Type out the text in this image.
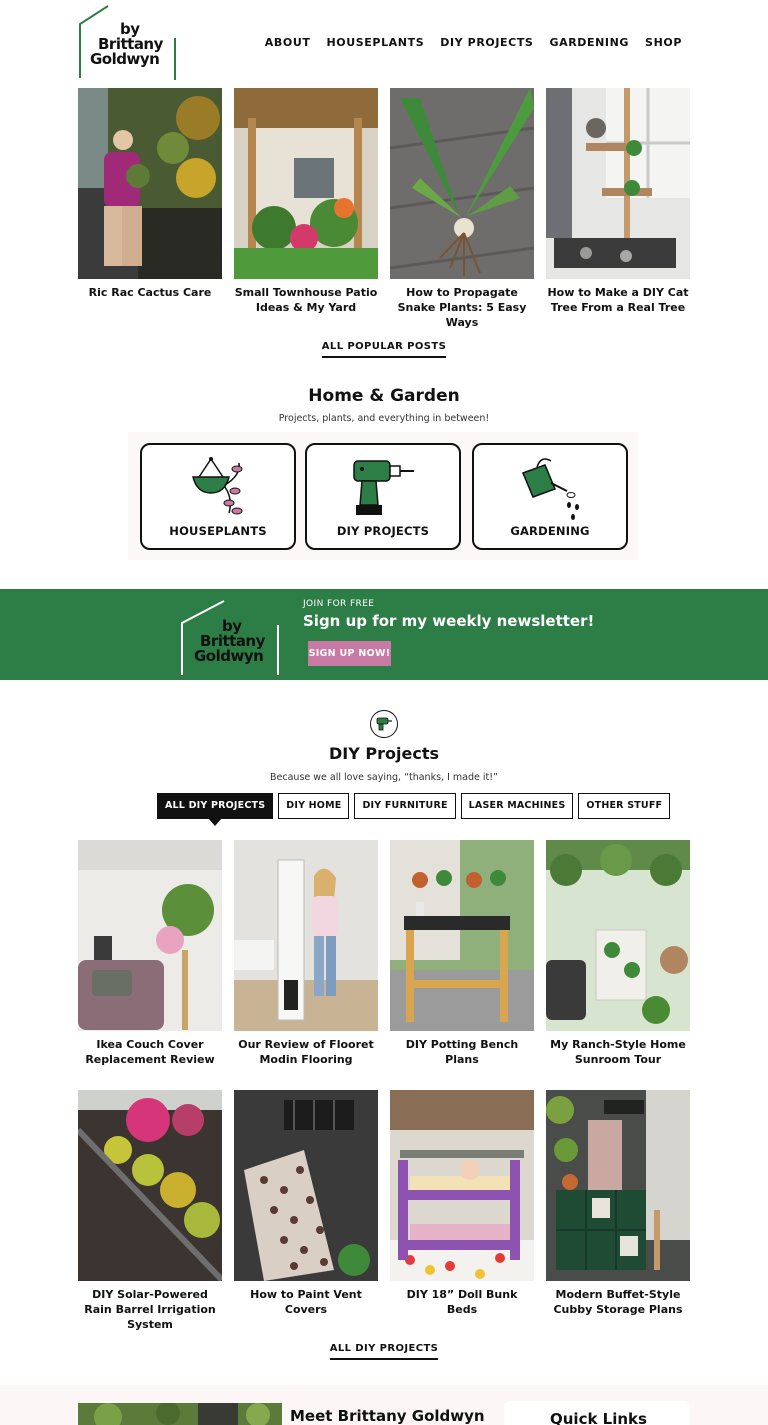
by
Brittany
Goldwyn
ABOUT HOUSEPLANTS DIY PROJECTS GARDENING SHOP
Ric Rac Cactus Care	Small Townhouse Patio Ideas & My Yard
How to Propagate Snake Plants: 5 Easy Ways
How to Make a DIY Cat Tree From a Real Tree
ALL POPULAR POSTS
Home & Garden
Projects, plants, and everything in between!
HOUSEPLANTS	DIY PROJECTS	GARDENING
by
Brittany
Goldwyn
JOIN FOR FREE
Sign up for my weekly newsletter!
SIGN UP NOW!
DIY Projects
Because we all love saying, “thanks, I made it!”
ALL DIY PROJECTS	DIY HOME	DIY FURNITURE	LASER MACHINES	OTHER STUFF
Ikea Couch Cover Replacement Review
Our Review of Flooret Modin Flooring
DIY Potting Bench Plans
My Ranch-Style Home Sunroom Tour
DIY Solar-Powered Rain Barrel Irrigation System
How to Paint Vent Covers
DIY 18” Doll Bunk Beds
Modern Buffet-Style Cubby Storage Plans
ALL DIY PROJECTS
Meet Brittany Goldwyn	Quick Links
